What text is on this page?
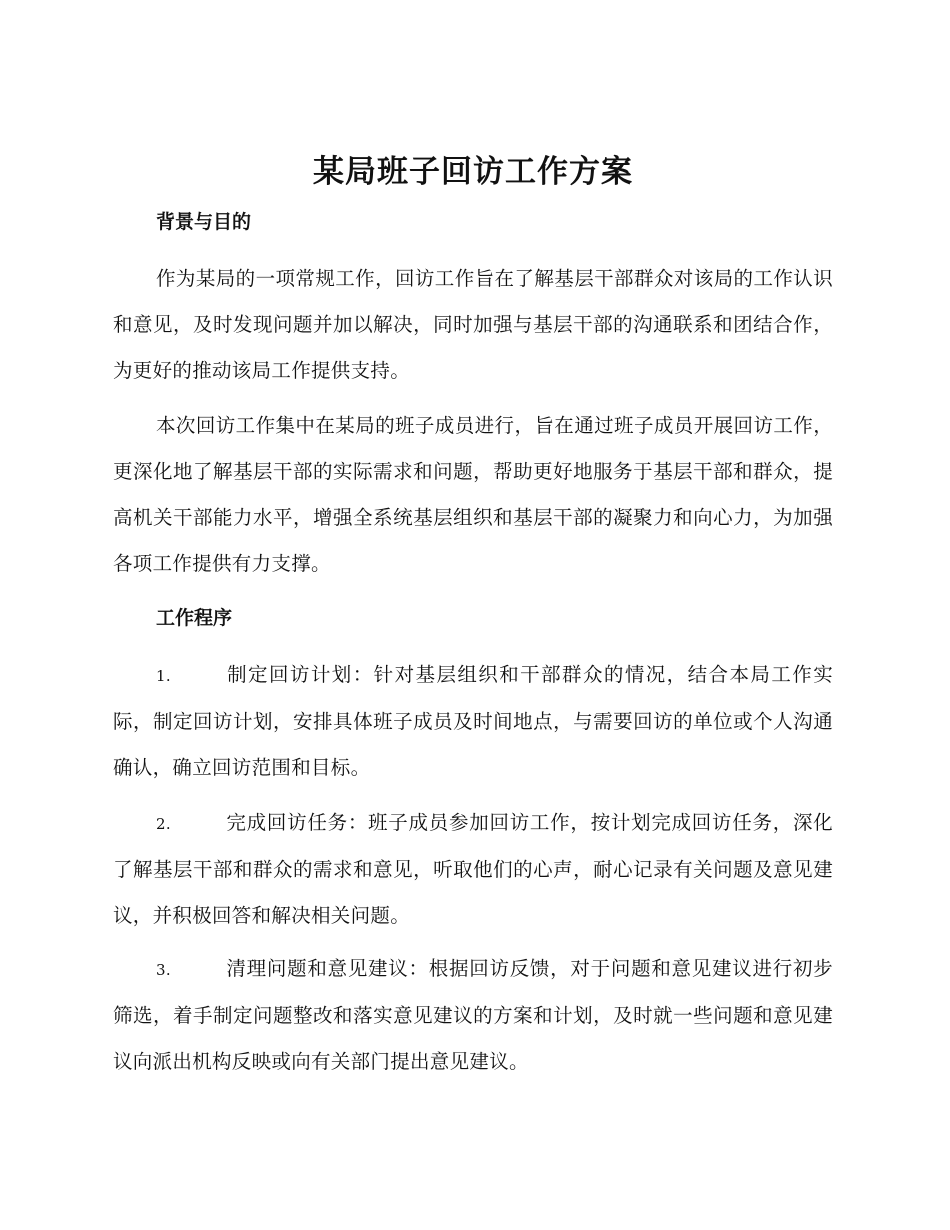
某局班子回访工作方案
背景与目的

作为某局的一项常规工作，回访工作旨在了解基层干部群众对该局的工作认识和意见，及时发现问题并加以解决，同时加强与基层干部的沟通联系和团结合作，为更好的推动该局工作提供支持。

本次回访工作集中在某局的班子成员进行，旨在通过班子成员开展回访工作，更深化地了解基层干部的实际需求和问题，帮助更好地服务于基层干部和群众，提高机关干部能力水平，增强全系统基层组织和基层干部的凝聚力和向心力，为加强各项工作提供有力支撑。

工作程序

1.	制定回访计划：针对基层组织和干部群众的情况，结合本局工作实际，制定回访计划，安排具体班子成员及时间地点，与需要回访的单位或个人沟通确认，确立回访范围和目标。

2.	完成回访任务：班子成员参加回访工作，按计划完成回访任务，深化了解基层干部和群众的需求和意见，听取他们的心声，耐心记录有关问题及意见建议，并积极回答和解决相关问题。

3.	清理问题和意见建议：根据回访反馈，对于问题和意见建议进行初步筛选，着手制定问题整改和落实意见建议的方案和计划，及时就一些问题和意见建议向派出机构反映或向有关部门提出意见建议。
